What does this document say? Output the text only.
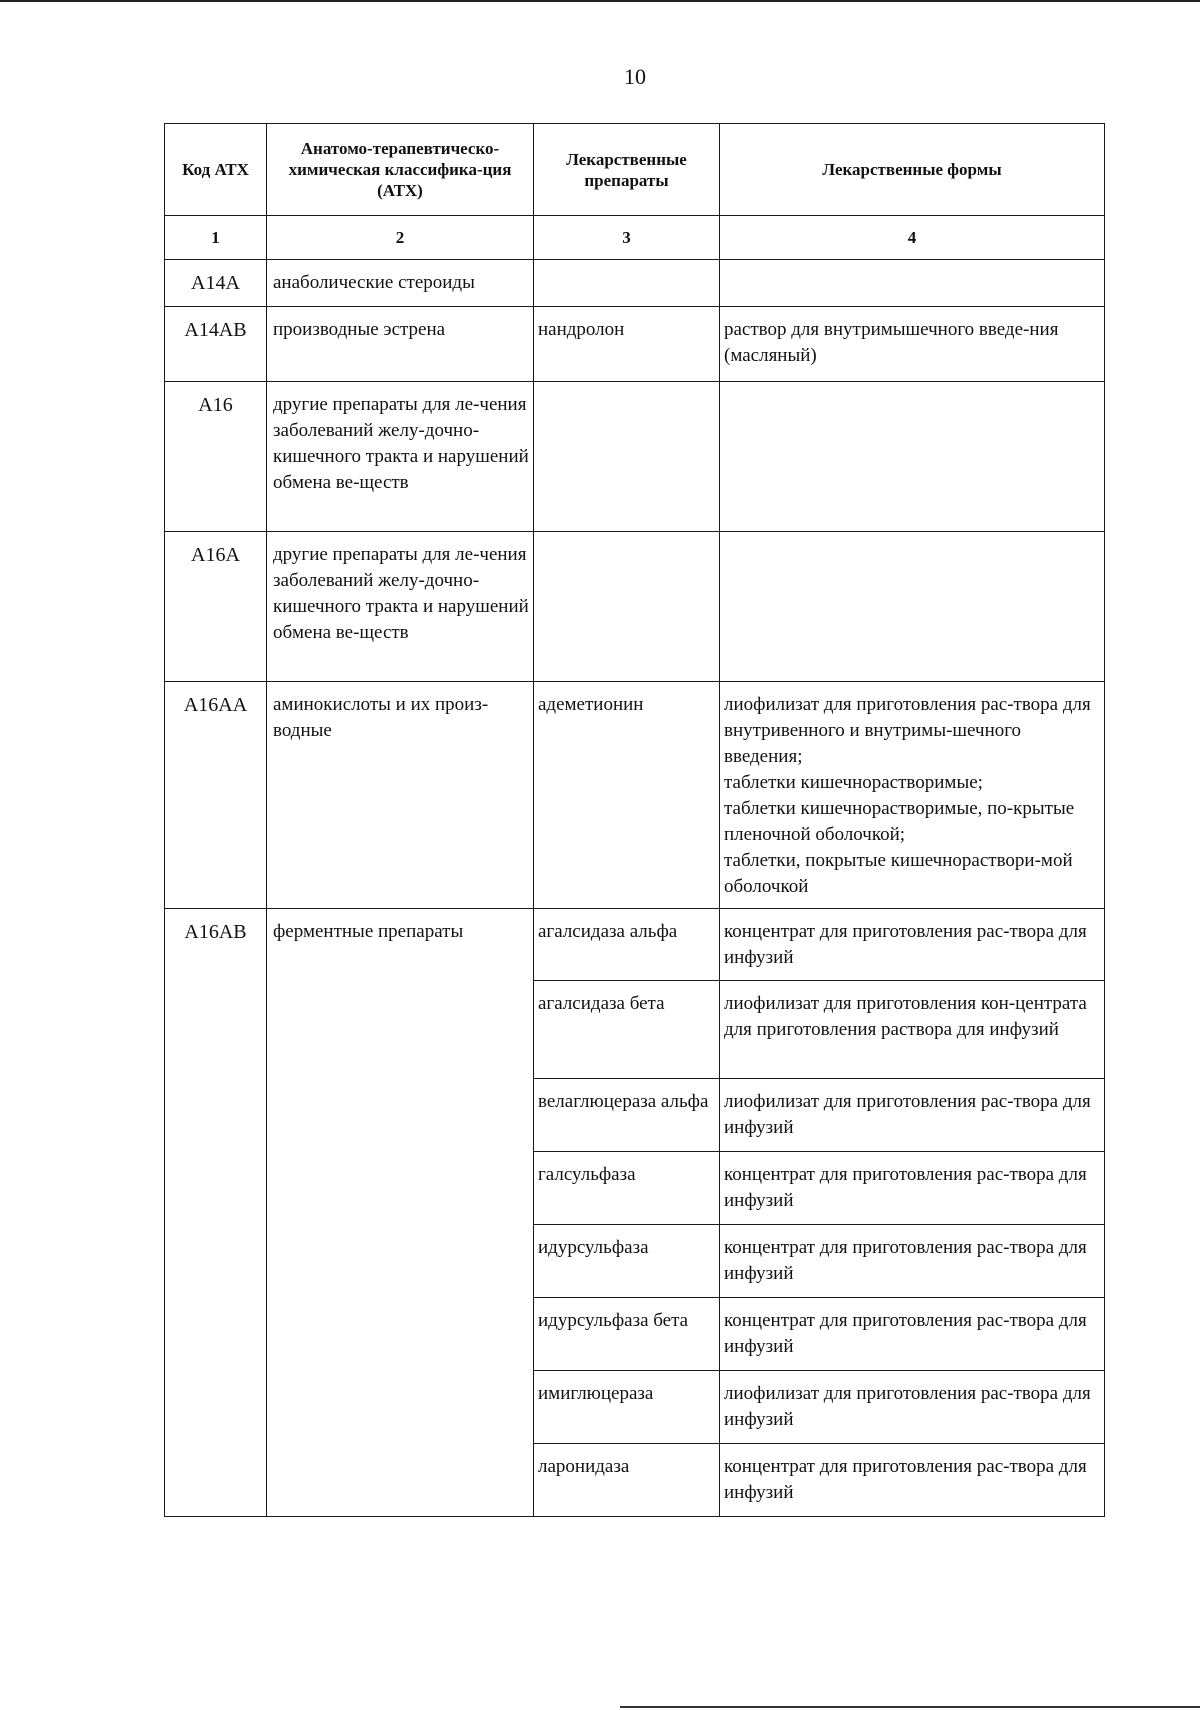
10
Код АТХ	Анатомо-терапевтическо-химическая классифика-ция (АТХ)	Лекарственные препараты	Лекарственные формы
1	2	3	4
A14A	анаболические стероиды		
A14AB	производные эстрена	нандролон	раствор для внутримышечного введе-ния (масляный)
A16	другие препараты для ле-чения заболеваний желу-дочно-кишечного тракта и нарушений обмена ве-ществ		
A16A	другие препараты для ле-чения заболеваний желу-дочно-кишечного тракта и нарушений обмена ве-ществ		
A16AA	аминокислоты и их произ-водные	адеметионин	лиофилизат для приготовления рас-твора для внутривенного и внутримы-шечного введения;
таблетки кишечнорастворимые;
таблетки кишечнорастворимые, по-крытые пленочной оболочкой;
таблетки, покрытые кишечнораствори-мой оболочкой
A16AB	ферментные препараты	агалсидаза альфа	концентрат для приготовления рас-твора для инфузий
		агалсидаза бета	лиофилизат для приготовления кон-центрата для приготовления раствора для инфузий
		велаглюцераза альфа	лиофилизат для приготовления рас-твора для инфузий
		галсульфаза	концентрат для приготовления рас-твора для инфузий
		идурсульфаза	концентрат для приготовления рас-твора для инфузий
		идурсульфаза бета	концентрат для приготовления рас-твора для инфузий
		имиглюцераза	лиофилизат для приготовления рас-твора для инфузий
		ларонидаза	концентрат для приготовления рас-твора для инфузий
